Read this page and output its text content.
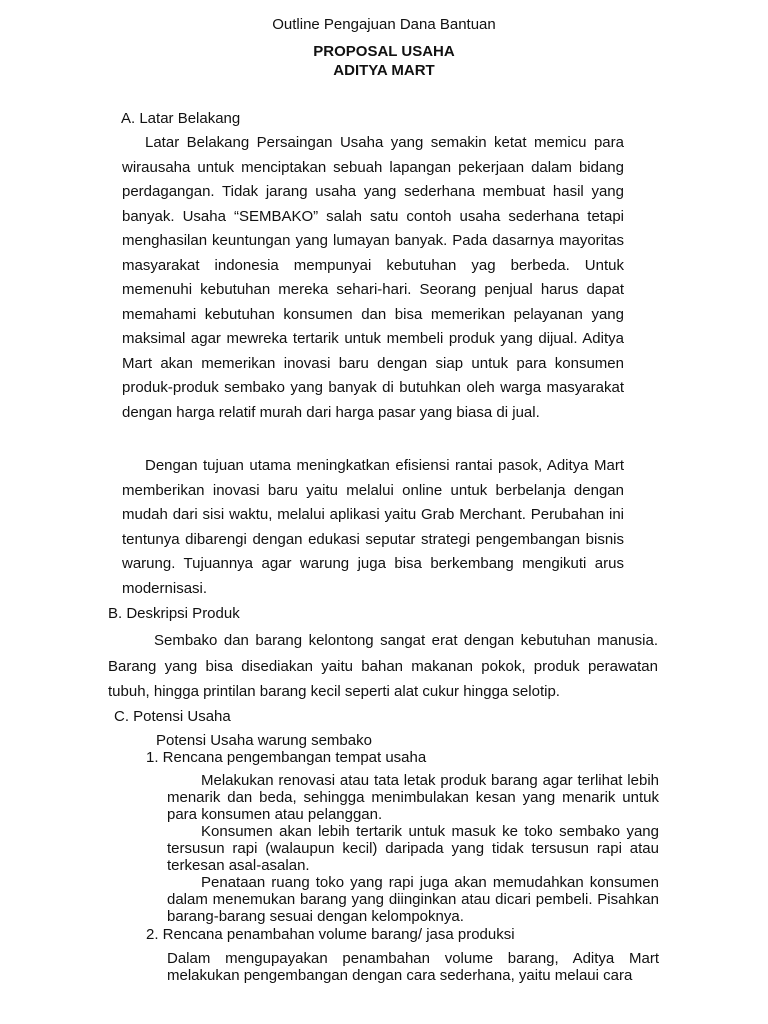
Outline Pengajuan Dana Bantuan

PROPOSAL USAHA
ADITYA MART

A. Latar Belakang

Latar Belakang Persaingan Usaha yang semakin ketat memicu para wirausaha untuk menciptakan sebuah lapangan pekerjaan dalam bidang perdagangan. Tidak jarang usaha yang sederhana membuat hasil yang banyak. Usaha “SEMBAKO” salah satu contoh usaha sederhana tetapi menghasilan keuntungan yang lumayan banyak. Pada dasarnya mayoritas masyarakat indonesia mempunyai kebutuhan yag berbeda. Untuk memenuhi kebutuhan mereka sehari-hari. Seorang penjual harus dapat memahami kebutuhan konsumen dan bisa memerikan pelayanan yang maksimal agar mewreka tertarik untuk membeli produk yang dijual. Aditya Mart akan memerikan inovasi baru dengan siap untuk para konsumen produk-produk sembako yang banyak di butuhkan oleh warga masyarakat dengan harga relatif murah dari harga pasar yang biasa di jual.

Dengan tujuan utama meningkatkan efisiensi rantai pasok, Aditya Mart memberikan inovasi baru yaitu melalui online untuk berbelanja dengan mudah dari sisi waktu, melalui aplikasi yaitu Grab Merchant. Perubahan ini tentunya dibarengi dengan edukasi seputar strategi pengembangan bisnis warung. Tujuannya agar warung juga bisa berkembang mengikuti arus modernisasi.

B. Deskripsi Produk

Sembako dan barang kelontong sangat erat dengan kebutuhan manusia. Barang yang bisa disediakan yaitu bahan makanan pokok, produk perawatan tubuh, hingga printilan barang kecil seperti alat cukur hingga selotip.

C. Potensi Usaha

Potensi Usaha warung sembako

1. Rencana pengembangan tempat usaha

Melakukan renovasi atau tata letak produk barang agar terlihat lebih menarik dan beda, sehingga menimbulakan kesan yang menarik untuk para konsumen atau pelanggan.

Konsumen akan lebih tertarik untuk masuk ke toko sembako yang tersusun rapi (walaupun kecil) daripada yang tidak tersusun rapi atau terkesan asal-asalan.

Penataan ruang toko yang rapi juga akan memudahkan konsumen dalam menemukan barang yang diinginkan atau dicari pembeli. Pisahkan barang-barang sesuai dengan kelompoknya.

2. Rencana penambahan volume barang/ jasa produksi

Dalam mengupayakan penambahan volume barang, Aditya Mart melakukan pengembangan dengan cara sederhana, yaitu melaui cara
